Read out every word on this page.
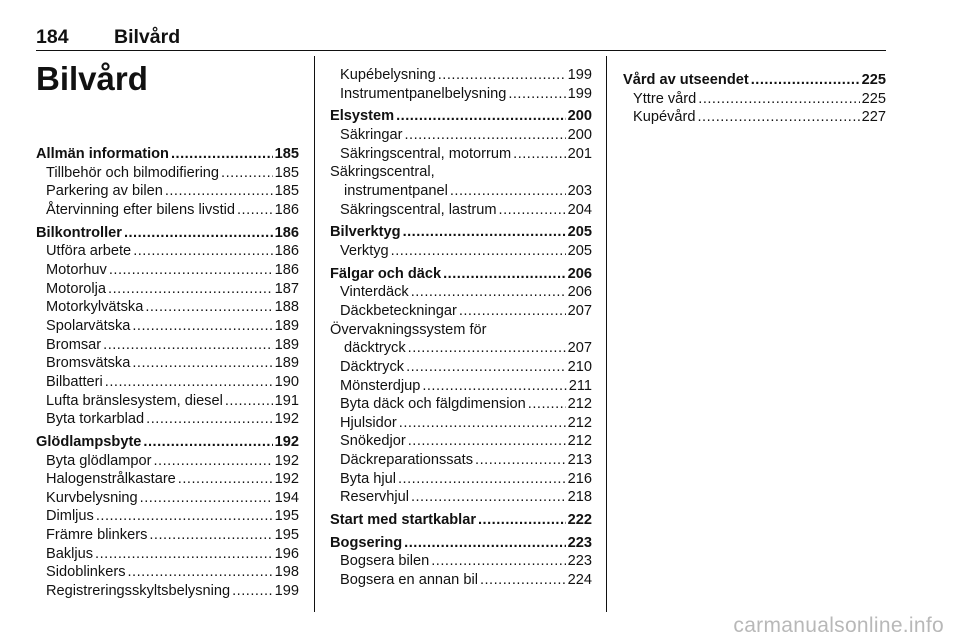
184 Bilvård
Bilvård
Allmän information .....	185
Tillbehör och bilmodifiering .....	185
Parkering av bilen .....	185
Återvinning efter bilens livstid .....	186
Bilkontroller .....	186
Utföra arbete .....	186
Motorhuv .....	186
Motorolja .....	187
Motorkylvätska .....	188
Spolarvätska .....	189
Bromsar .....	189
Bromsvätska .....	189
Bilbatteri .....	190
Lufta bränslesystem, diesel .....	191
Byta torkarblad .....	192
Glödlampsbyte .....	192
Byta glödlampor .....	192
Halogenstrålkastare .....	192
Kurvbelysning .....	194
Dimljus .....	195
Främre blinkers .....	195
Bakljus .....	196
Sidoblinkers .....	198
Registreringsskyltsbelysning .....	199
Kupébelysning .....	199
Instrumentpanelbelysning .....	199
Elsystem .....	200
Säkringar .....	200
Säkringscentral, motorrum .....	201
Säkringscentral,
instrumentpanel .....	203
Säkringscentral, lastrum .....	204
Bilverktyg .....	205
Verktyg .....	205
Fälgar och däck .....	206
Vinterdäck .....	206
Däckbeteckningar .....	207
Övervakningssystem för
däcktryck .....	207
Däcktryck .....	210
Mönsterdjup .....	211
Byta däck och fälgdimension .....	212
Hjulsidor .....	212
Snökedjor .....	212
Däckreparationssats .....	213
Byta hjul .....	216
Reservhjul .....	218
Start med startkablar .....	222
Bogsering .....	223
Bogsera bilen .....	223
Bogsera en annan bil .....	224
Vård av utseendet .....	225
Yttre vård .....	225
Kupévård .....	227
carmanualsonline.info
